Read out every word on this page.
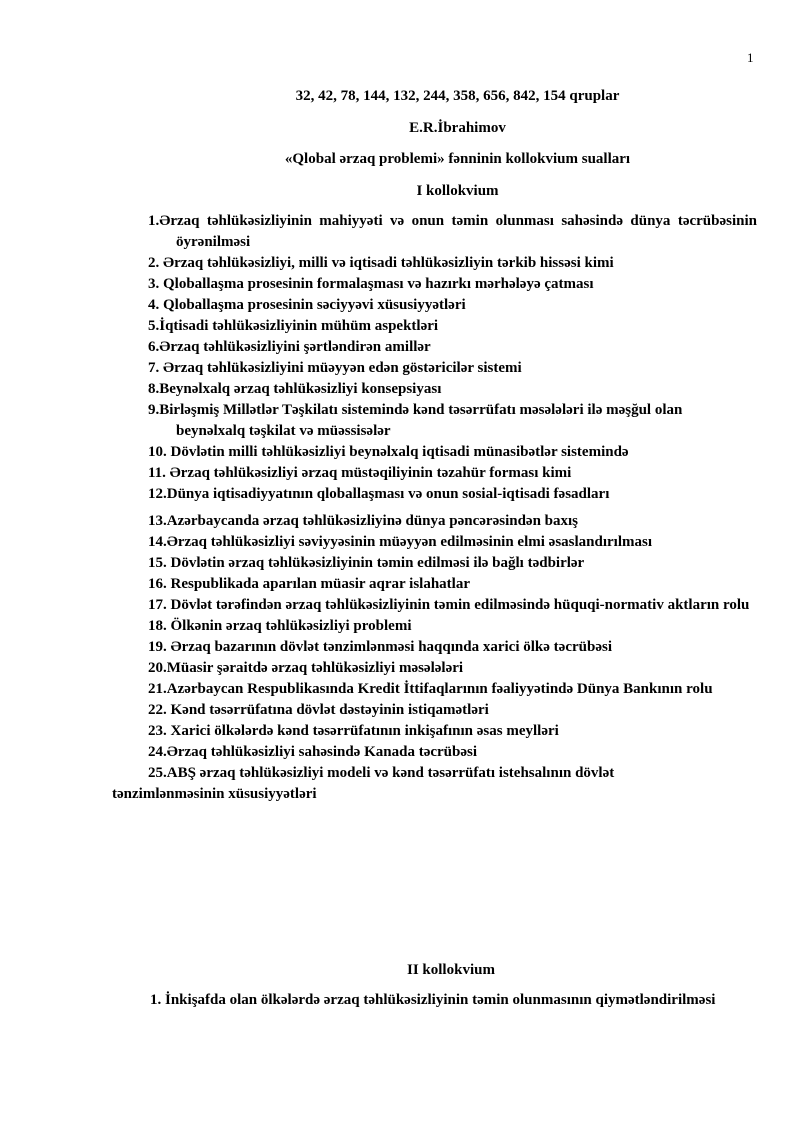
1
32, 42, 78, 144, 132, 244, 358, 656, 842, 154 qruplar
E.R.İbrahimov
«Qlobal ərzaq problemi» fənninin kollokvium sualları
I kollokvium
1.Ərzaq təhlükəsizliyinin mahiyyəti və onun təmin olunması sahəsində dünya təcrübəsinin öyrənilməsi
2. Ərzaq təhlükəsizliyi, milli və iqtisadi təhlükəsizliyin tərkib hissəsi kimi
3. Qloballaşma prosesinin formalaşması və hazırkı mərhələyə çatması
4. Qloballaşma prosesinin səciyyəvi xüsusiyyətləri
5.İqtisadi təhlükəsizliyinin mühüm aspektləri
6.Ərzaq təhlükəsizliyini şərtləndirən amillər
7. Ərzaq təhlükəsizliyini müəyyən edən göstəricilər sistemi
8.Beynəlxalq ərzaq təhlükəsizliyi konsepsiyası
9.Birləşmiş Millətlər Təşkilatı sistemində kənd təsərrüfatı məsələləri ilə məşğul olan beynəlxalq təşkilat və müəssisələr
10. Dövlətin milli təhlükəsizliyi beynəlxalq iqtisadi münasibətlər sistemində
11. Ərzaq təhlükəsizliyi ərzaq müstəqiliyinin təzahür forması kimi
12.Dünya iqtisadiyyatının qloballaşması və onun sosial-iqtisadi fəsadları
13.Azərbaycanda ərzaq təhlükəsizliyinə dünya pəncərəsindən baxış
14.Ərzaq təhlükəsizliyi səviyyəsinin müəyyən edilməsinin elmi əsaslandırılması
15. Dövlətin ərzaq təhlükəsizliyinin təmin edilməsi ilə bağlı tədbirlər
16. Respublikada aparılan müasir aqrar islahatlar
17. Dövlət tərəfindən ərzaq təhlükəsizliyinin təmin edilməsində hüquqi-normativ aktların rolu
18. Ölkənin ərzaq təhlükəsizliyi problemi
19. Ərzaq bazarının dövlət tənzimlənməsi haqqında xarici ölkə təcrübəsi
20.Müasir şəraitdə ərzaq təhlükəsizliyi məsələləri
21.Azərbaycan Respublikasında Kredit İttifaqlarının fəaliyyətində Dünya Bankının rolu
22. Kənd təsərrüfatına dövlət dəstəyinin istiqamətləri
23. Xarici ölkələrdə kənd təsərrüfatının inkişafının əsas meylləri
24.Ərzaq təhlükəsizliyi sahəsində Kanada təcrübəsi
25.ABŞ ərzaq təhlükəsizliyi modeli və kənd təsərrüfatı istehsalının dövlət tənzimlənməsinin xüsusiyyətləri
II kollokvium
1. İnkişafda olan ölkələrdə ərzaq təhlükəsizliyinin təmin olunmasının qiymətləndirilməsi
